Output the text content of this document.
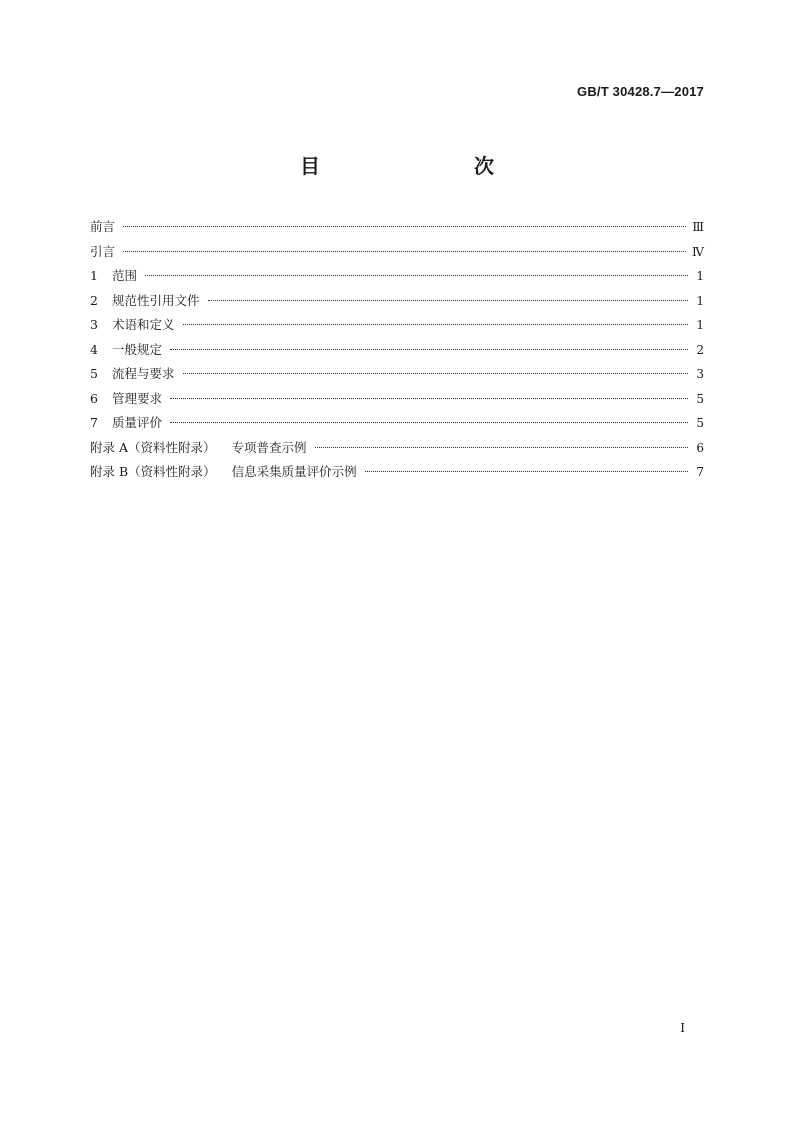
GB/T 30428.7—2017
目　　次
前言	Ⅲ
引言	Ⅳ
1	范围	1
2	规范性引用文件	1
3	术语和定义	1
4	一般规定	2
5	流程与要求	3
6	管理要求	5
7	质量评价	5
附录 A（资料性附录） 专项普查示例	6
附录 B（资料性附录） 信息采集质量评价示例	7
I
